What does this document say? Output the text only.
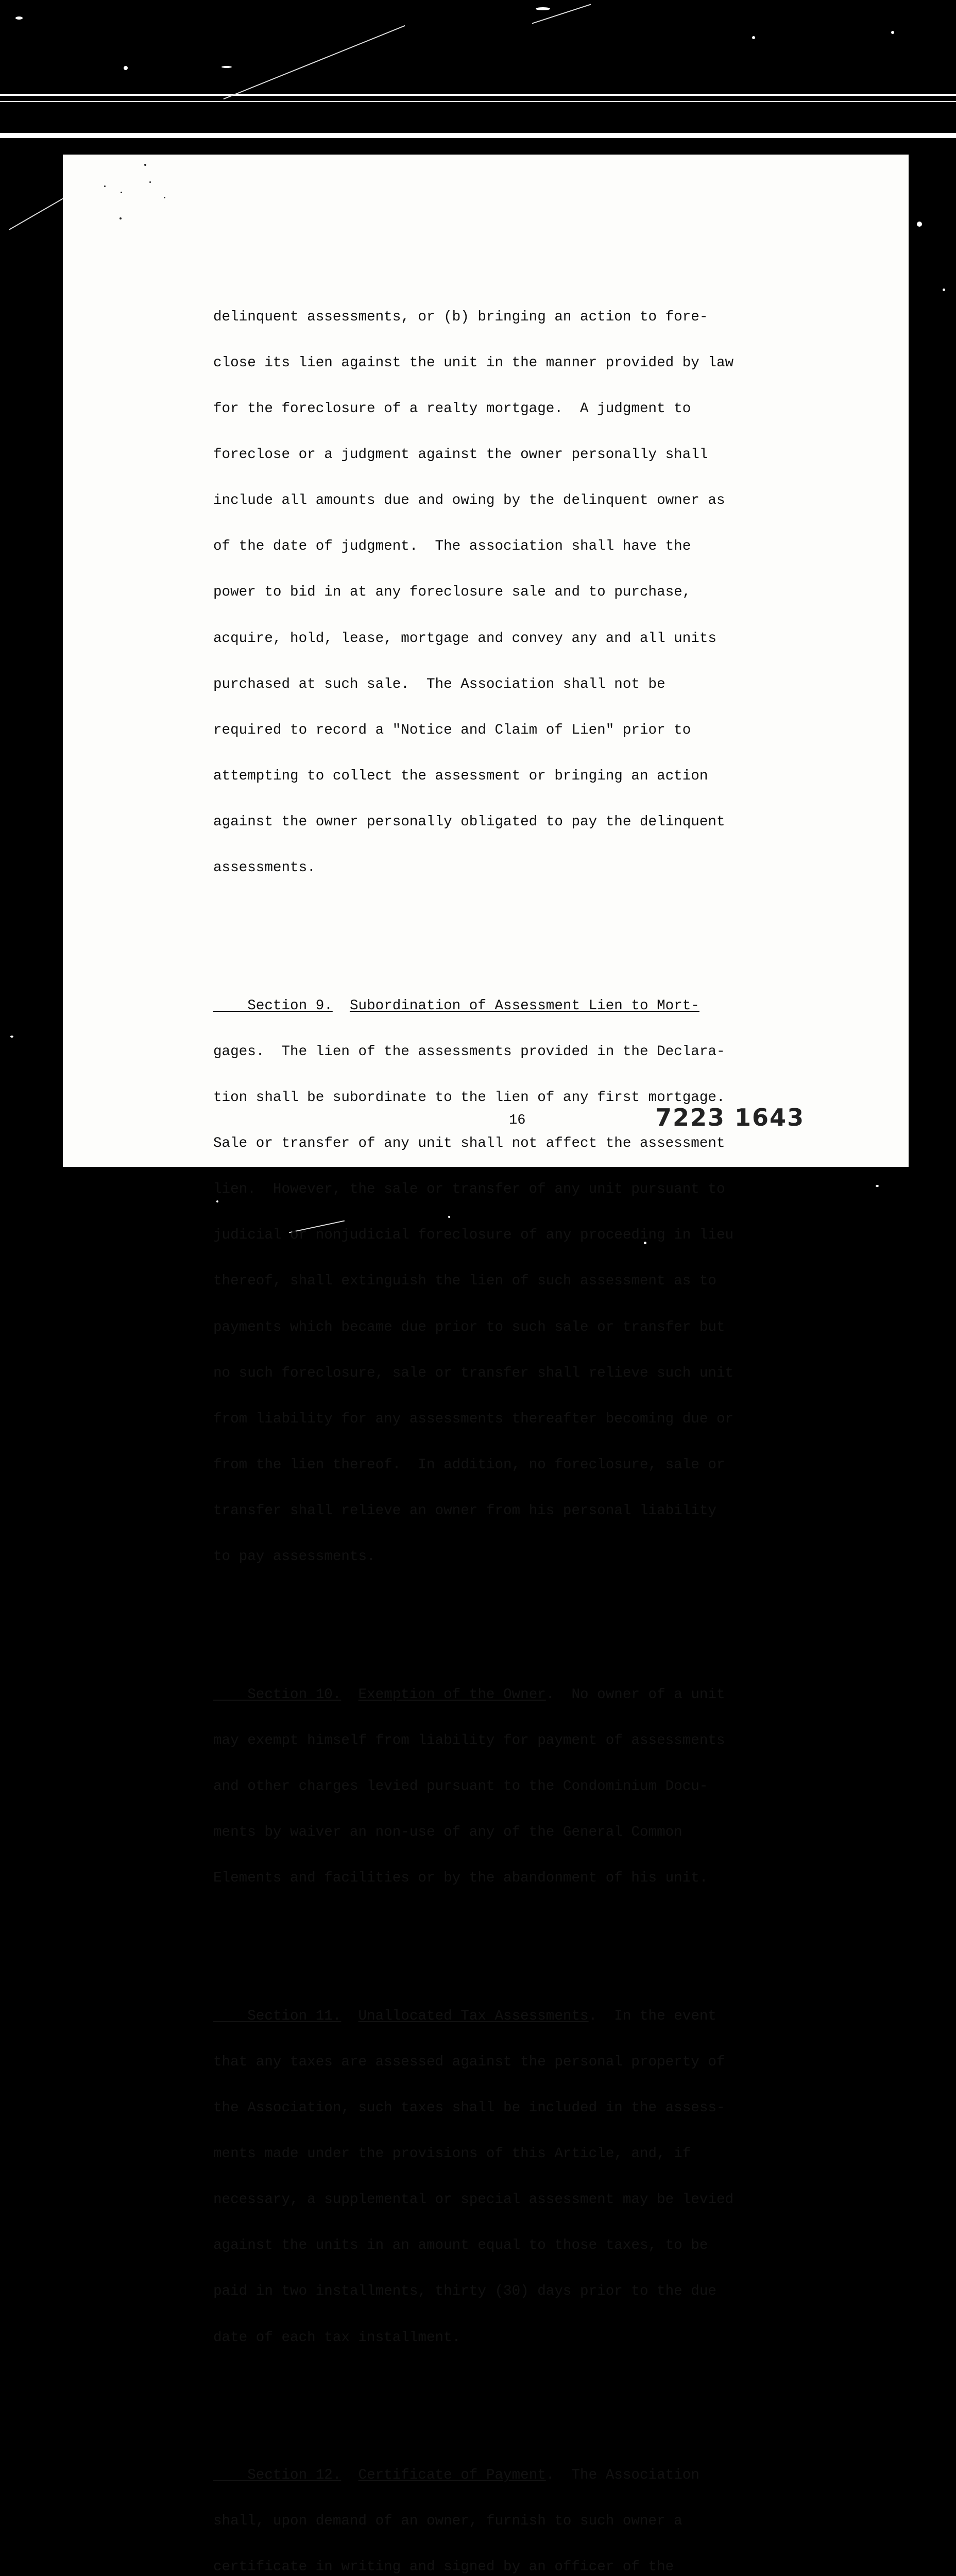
delinquent assessments, or (b) bringing an action to fore-

close its lien against the unit in the manner provided by law

for the foreclosure of a realty mortgage.  A judgment to

foreclose or a judgment against the owner personally shall

include all amounts due and owing by the delinquent owner as

of the date of judgment.  The association shall have the

power to bid in at any foreclosure sale and to purchase,

acquire, hold, lease, mortgage and convey any and all units

purchased at such sale.  The Association shall not be

required to record a "Notice and Claim of Lien" prior to

attempting to collect the assessment or bringing an action

against the owner personally obligated to pay the delinquent

assessments.

Section 9. Subordination of Assessment Lien to Mort-

gages.  The lien of the assessments provided in the Declara-

tion shall be subordinate to the lien of any first mortgage.

Sale or transfer of any unit shall not affect the assessment

lien.  However, the sale or transfer of any unit pursuant to

judicial or nonjudicial foreclosure of any proceeding in lieu

thereof, shall extinguish the lien of such assessment as to

payments which became due prior to such sale or transfer but

no such foreclosure, sale or transfer shall relieve such unit

from liability for any assessments thereafter becoming due or

from the lien thereof.  In addition, no foreclosure, sale or

transfer shall relieve an owner from his personal liability

to pay assessments.

Section 10. Exemption of the Owner.  No owner of a unit

may exempt himself from liability for payment of assessments

and other charges levied pursuant to the Condominium Docu-

ments by waiver an non-use of any of the General Common

Elements and facilities or by the abandonment of his unit.

Section 11. Unallocated Tax Assessments.  In the event

that any taxes are assessed against the personal property of

the Association, such taxes shall be included in the assess-

ments made under the provisions of this Article, and, if

necessary, a supplemental or special assessment may be levied

against the units in an amount equal to those taxes, to be

paid in two installments, thirty (30) days prior to the due

date of each tax installment.

Section 12. Certificate of Payment.  The Association

shall, upon demand of an owner, furnish to such owner a

certificate in writing and signed by an officer of the

16	7223 1643
